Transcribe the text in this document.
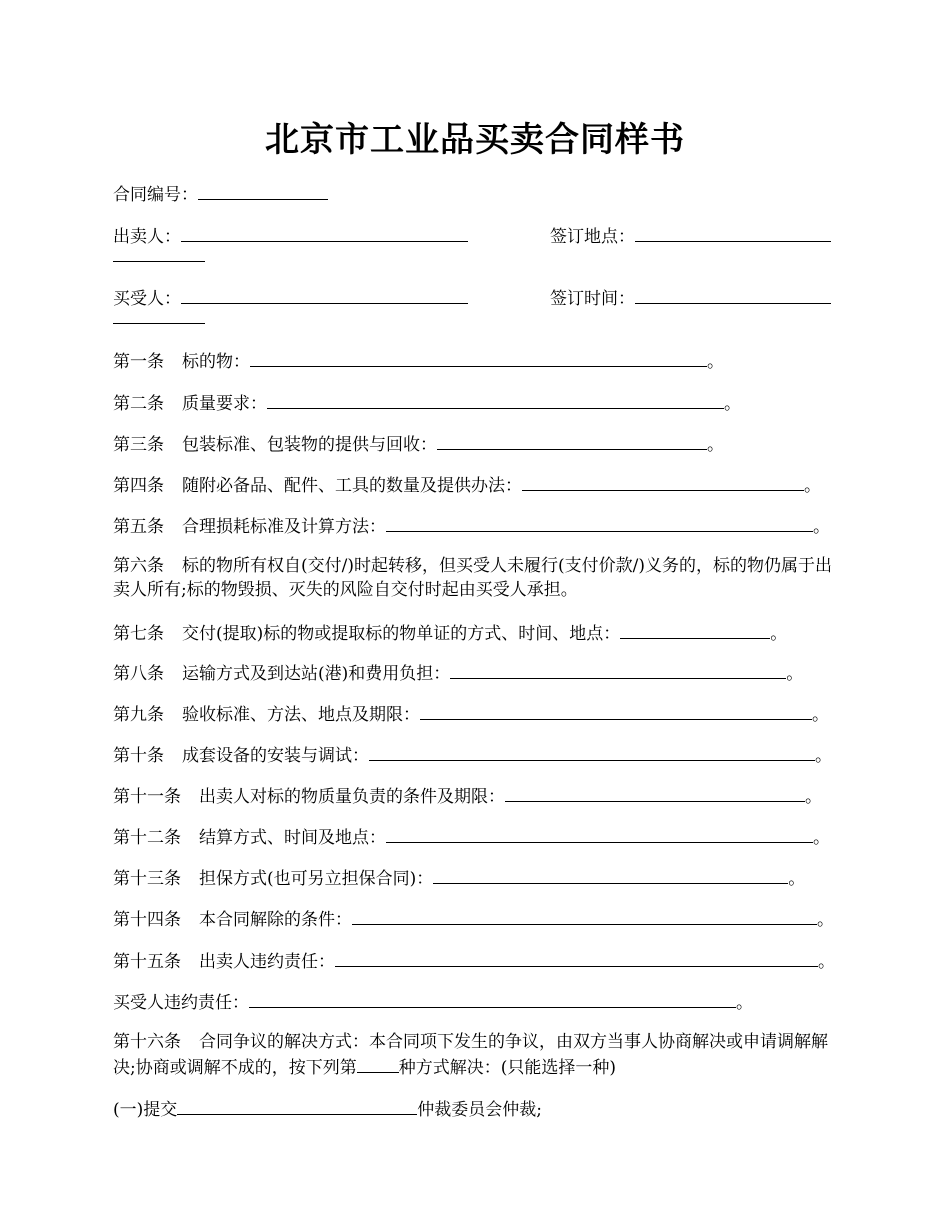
北京市工业品买卖合同样书
合同编号：
出卖人：	签订地点：
买受人：	签订时间：
第一条 标的物：	。
第二条 质量要求：	。
第三条 包装标准、包装物的提供与回收：	。
第四条 随附必备品、配件、工具的数量及提供办法：	。
第五条 合理损耗标准及计算方法：	。
第六条 标的物所有权自(交付/)时起转移，但买受人未履行(支付价款/)义务的，标的物仍属于出卖人所有;标的物毁损、灭失的风险自交付时起由买受人承担。
第七条 交付(提取)标的物或提取标的物单证的方式、时间、地点：	。
第八条 运输方式及到达站(港)和费用负担：	。
第九条 验收标准、方法、地点及期限：	。
第十条 成套设备的安装与调试：	。
第十一条 出卖人对标的物质量负责的条件及期限：	。
第十二条 结算方式、时间及地点：	。
第十三条 担保方式(也可另立担保合同)：	。
第十四条 本合同解除的条件：	。
第十五条 出卖人违约责任：	。
买受人违约责任：	。
第十六条 合同争议的解决方式：本合同项下发生的争议，由双方当事人协商解决或申请调解解决;协商或调解不成的，按下列第 种方式解决：(只能选择一种)
(一)提交	仲裁委员会仲裁;
